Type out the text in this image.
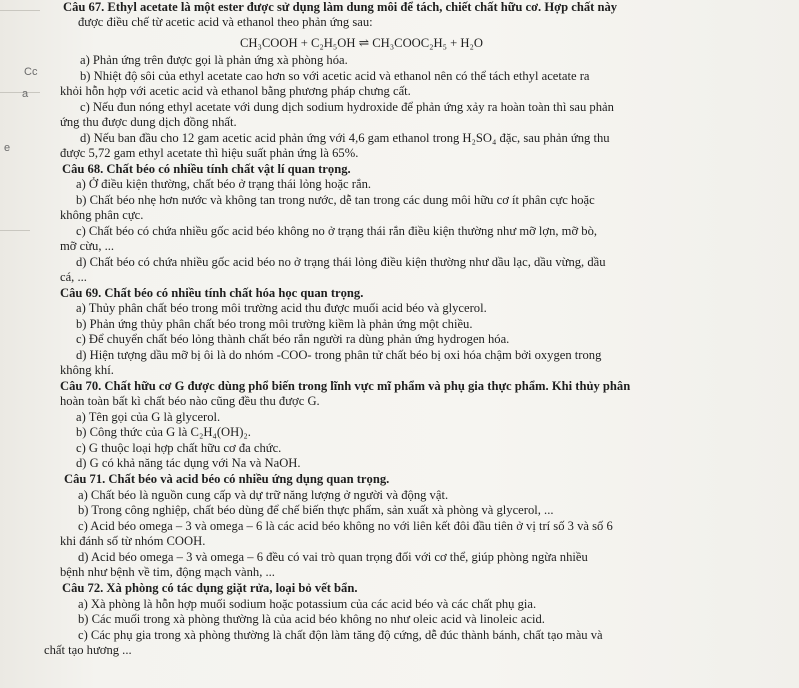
Cc
a
e
Câu 67. Ethyl acetate là một ester được sử dụng làm dung môi để tách, chiết chất hữu cơ. Hợp chất này
được điều chế từ acetic acid và ethanol theo phản ứng sau:
CH₃COOH + C₂H₅OH ⇌ CH₃COOC₂H₅ + H₂O
a) Phản ứng trên được gọi là phản ứng xà phòng hóa.
b) Nhiệt độ sôi của ethyl acetate cao hơn so với acetic acid và ethanol nên có thể tách ethyl acetate ra
khỏi hỗn hợp với acetic acid và ethanol bằng phương pháp chưng cất.
c) Nếu đun nóng ethyl acetate với dung dịch sodium hydroxide để phản ứng xảy ra hoàn toàn thì sau phản
ứng thu được dung dịch đồng nhất.
d) Nếu ban đầu cho 12 gam acetic acid phản ứng với 4,6 gam ethanol trong H₂SO₄ đặc, sau phản ứng thu
được 5,72 gam ethyl acetate thì hiệu suất phản ứng là 65%.
Câu 68. Chất béo có nhiều tính chất vật lí quan trọng.
a) Ở điều kiện thường, chất béo ở trạng thái lỏng hoặc rắn.
b) Chất béo nhẹ hơn nước và không tan trong nước, dễ tan trong các dung môi hữu cơ ít phân cực hoặc
không phân cực.
c) Chất béo có chứa nhiều gốc acid béo không no ở trạng thái rắn điều kiện thường như mỡ lợn, mỡ bò,
mỡ cừu, ...
d) Chất béo có chứa nhiều gốc acid béo no ở trạng thái lỏng điều kiện thường như dầu lạc, dầu vừng, dầu
cá, ...
Câu 69. Chất béo có nhiều tính chất hóa học quan trọng.
a) Thủy phân chất béo trong môi trường acid thu được muối acid béo và glycerol.
b) Phản ứng thủy phân chất béo trong môi trường kiềm là phản ứng một chiều.
c) Để chuyển chất béo lỏng thành chất béo rắn người ra dùng phản ứng hydrogen hóa.
d) Hiện tượng dầu mỡ bị ôi là do nhóm -COO- trong phân tử chất béo bị oxi hóa chậm bởi oxygen trong
không khí.
Câu 70. Chất hữu cơ G được dùng phổ biến trong lĩnh vực mĩ phẩm và phụ gia thực phẩm. Khi thủy phân
hoàn toàn bất kì chất béo nào cũng đều thu được G.
a) Tên gọi của G là glycerol.
b) Công thức của G là C₂H₄(OH)₂.
c) G thuộc loại hợp chất hữu cơ đa chức.
d) G có khả năng tác dụng với Na và NaOH.
Câu 71. Chất béo và acid béo có nhiều ứng dụng quan trọng.
a) Chất béo là nguồn cung cấp và dự trữ năng lượng ở người và động vật.
b) Trong công nghiệp, chất béo dùng để chế biến thực phẩm, sản xuất xà phòng và glycerol, ...
c) Acid béo omega – 3 và omega – 6 là các acid béo không no với liên kết đôi đầu tiên ở vị trí số 3 và số 6
khi đánh số từ nhóm COOH.
d) Acid béo omega – 3 và omega – 6 đều có vai trò quan trọng đối với cơ thể, giúp phòng ngừa nhiều
bệnh như bệnh về tim, động mạch vành, ...
Câu 72. Xà phòng có tác dụng giặt rửa, loại bỏ vết bẩn.
a) Xà phòng là hỗn hợp muối sodium hoặc potassium của các acid béo và các chất phụ gia.
b) Các muối trong xà phòng thường là của acid béo không no như oleic acid và linoleic acid.
c) Các phụ gia trong xà phòng thường là chất độn làm tăng độ cứng, dễ đúc thành bánh, chất tạo màu và
chất tạo hương ...
